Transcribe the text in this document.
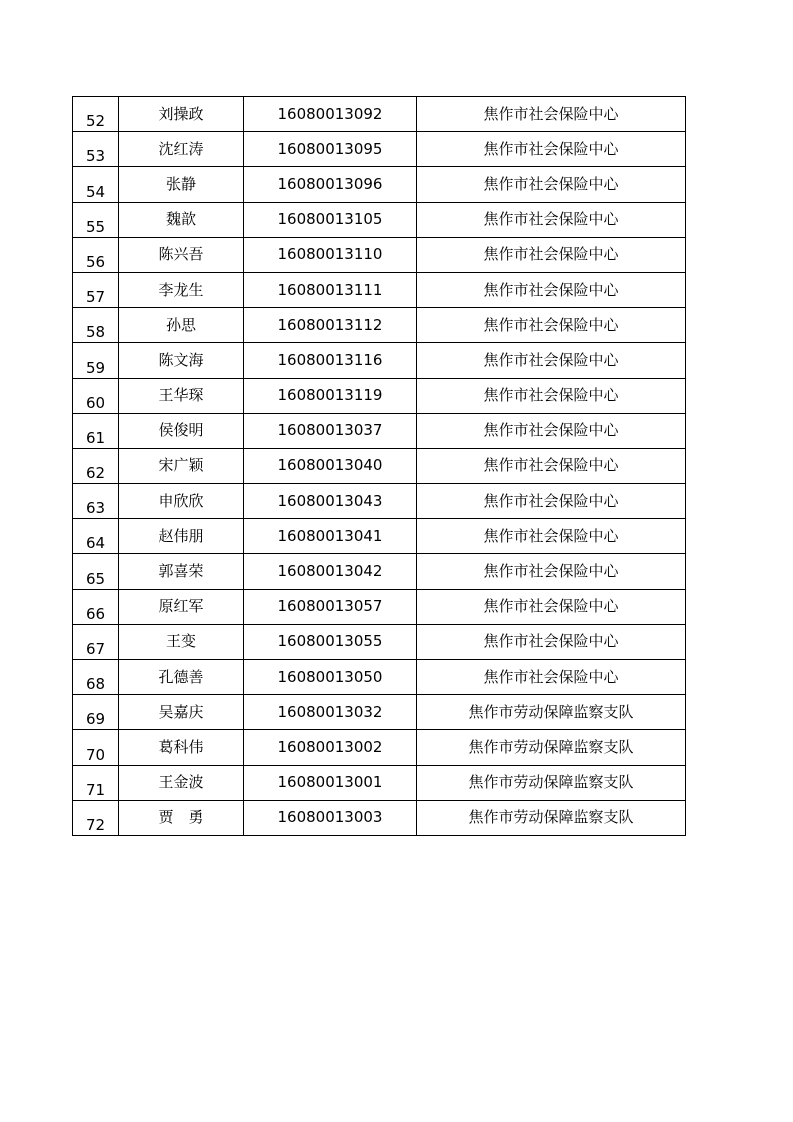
52	刘操政	16080013092	焦作市社会保险中心
53	沈红涛	16080013095	焦作市社会保险中心
54	张静	16080013096	焦作市社会保险中心
55	魏歆	16080013105	焦作市社会保险中心
56	陈兴吾	16080013110	焦作市社会保险中心
57	李龙生	16080013111	焦作市社会保险中心
58	孙思	16080013112	焦作市社会保险中心
59	陈文海	16080013116	焦作市社会保险中心
60	王华琛	16080013119	焦作市社会保险中心
61	侯俊明	16080013037	焦作市社会保险中心
62	宋广颖	16080013040	焦作市社会保险中心
63	申欣欣	16080013043	焦作市社会保险中心
64	赵伟朋	16080013041	焦作市社会保险中心
65	郭喜荣	16080013042	焦作市社会保险中心
66	原红军	16080013057	焦作市社会保险中心
67	王变	16080013055	焦作市社会保险中心
68	孔德善	16080013050	焦作市社会保险中心
69	吴嘉庆	16080013032	焦作市劳动保障监察支队
70	葛科伟	16080013002	焦作市劳动保障监察支队
71	王金波	16080013001	焦作市劳动保障监察支队
72	贾　勇	16080013003	焦作市劳动保障监察支队
